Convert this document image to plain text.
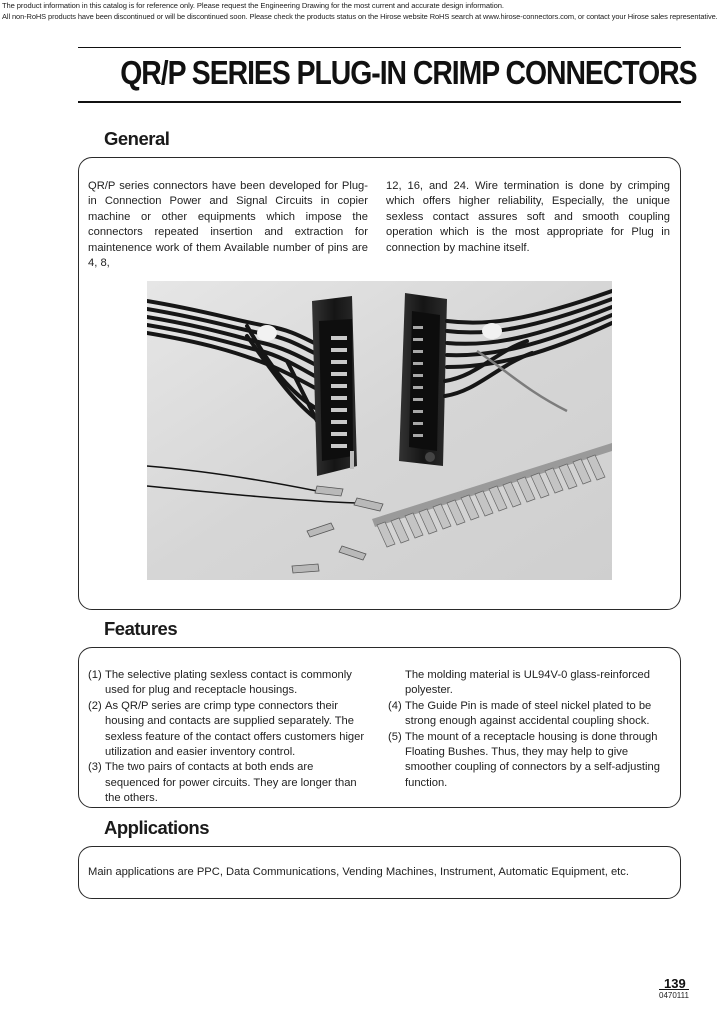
The product information in this catalog is for reference only. Please request the Engineering Drawing for the most current and accurate design information.
All non-RoHS products have been discontinued or will be discontinued soon. Please check the products status on the Hirose website RoHS search at www.hirose-connectors.com, or contact your Hirose sales representative.
QR/P SERIES PLUG-IN CRIMP CONNECTORS
General
QR/P series connectors have been developed for Plug-in Connection Power and Signal Circuits in copier machine or other equipments which impose the connectors repeated insertion and extraction for maintenence work of them Available number of pins are 4, 8,
12, 16, and 24. Wire termination is done by crimping which offers higher reliability, Especially, the unique sexless contact assures soft and smooth coupling operation which is the most appropriate for Plug in connection by machine itself.
Features
(1) The selective plating sexless contact is commonly used for plug and receptacle housings.
(2) As QR/P series are crimp type connectors their housing and contacts are supplied separately. The sexless feature of the contact offers customers higer utilization and easier inventory control.
(3) The two pairs of contacts at both ends are sequenced for power circuits. They are longer than the others.
The molding material is UL94V-0 glass-reinforced polyester.
(4) The Guide Pin is made of steel nickel plated to be strong enough against accidental coupling shock.
(5) The mount of a receptacle housing is done through Floating Bushes. Thus, they may help to give smoother coupling of connectors by a self-adjusting function.
Applications
Main applications are PPC, Data Communications, Vending Machines, Instrument, Automatic Equipment, etc.
139
0470111
